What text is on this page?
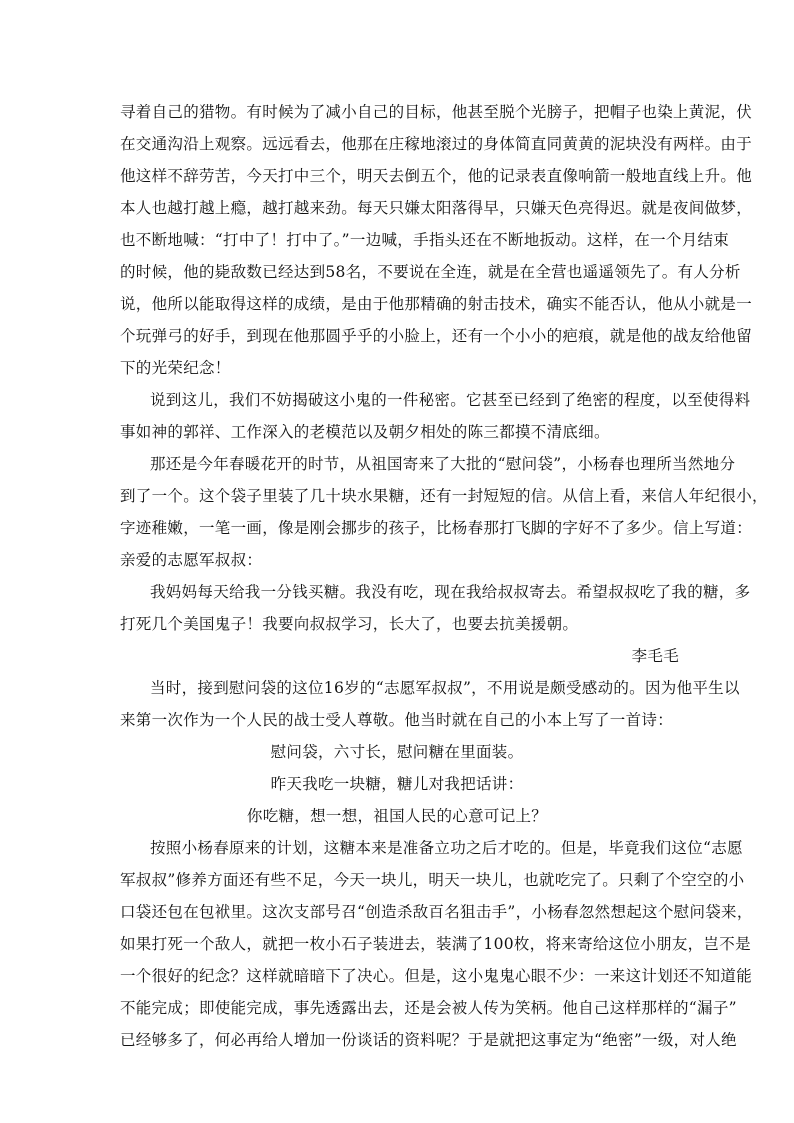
寻着自己的猎物。有时候为了减小自己的目标，他甚至脱个光膀子，把帽子也染上黄泥，伏
在交通沟沿上观察。远远看去，他那在庄稼地滚过的身体简直同黄黄的泥块没有两样。由于
他这样不辞劳苦，今天打中三个，明天去倒五个，他的记录表直像响箭一般地直线上升。他
本人也越打越上瘾，越打越来劲。每天只嫌太阳落得早，只嫌天色亮得迟。就是夜间做梦，
也不断地喊：“打中了！打中了。”一边喊，手指头还在不断地扳动。这样，在一个月结束
的时候，他的毙敌数已经达到58名，不要说在全连，就是在全营也遥遥领先了。有人分析
说，他所以能取得这样的成绩，是由于他那精确的射击技术，确实不能否认，他从小就是一
个玩弹弓的好手，到现在他那圆乎乎的小脸上，还有一个小小的疤痕，就是他的战友给他留
下的光荣纪念！
说到这儿，我们不妨揭破这小鬼的一件秘密。它甚至已经到了绝密的程度，以至使得料
事如神的郭祥、工作深入的老模范以及朝夕相处的陈三都摸不清底细。
那还是今年春暖花开的时节，从祖国寄来了大批的“慰问袋”，小杨春也理所当然地分
到了一个。这个袋子里装了几十块水果糖，还有一封短短的信。从信上看，来信人年纪很小，
字迹稚嫩，一笔一画，像是刚会挪步的孩子，比杨春那打飞脚的字好不了多少。信上写道：
亲爱的志愿军叔叔：
我妈妈每天给我一分钱买糖。我没有吃，现在我给叔叔寄去。希望叔叔吃了我的糖，多
打死几个美国鬼子！我要向叔叔学习，长大了，也要去抗美援朝。
李毛毛
当时，接到慰问袋的这位16岁的“志愿军叔叔”，不用说是颇受感动的。因为他平生以
来第一次作为一个人民的战士受人尊敬。他当时就在自己的小本上写了一首诗：
慰问袋，六寸长，慰问糖在里面装。
昨天我吃一块糖，糖儿对我把话讲：
你吃糖，想一想，祖国人民的心意可记上？
按照小杨春原来的计划，这糖本来是准备立功之后才吃的。但是，毕竟我们这位“志愿
军叔叔”修养方面还有些不足，今天一块儿，明天一块儿，也就吃完了。只剩了个空空的小
口袋还包在包袱里。这次支部号召“创造杀敌百名狙击手”，小杨春忽然想起这个慰问袋来，
如果打死一个敌人，就把一枚小石子装进去，装满了100枚，将来寄给这位小朋友，岂不是
一个很好的纪念？这样就暗暗下了决心。但是，这小鬼鬼心眼不少：一来这计划还不知道能
不能完成；即使能完成，事先透露出去，还是会被人传为笑柄。他自己这样那样的“漏子”
已经够多了，何必再给人增加一份谈话的资料呢？于是就把这事定为“绝密”一级，对人绝
